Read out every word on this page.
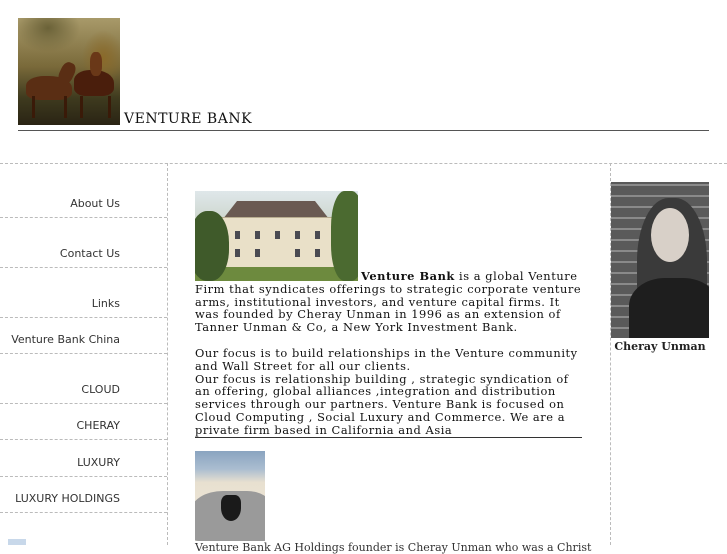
VENTURE BANK
About Us
Contact Us
Links
Venture Bank China
CLOUD
CHERAY
LUXURY
LUXURY HOLDINGS

Venture Bank is a global Venture Firm that syndicates offerings to strategic corporate venture arms, institutional investors, and venture capital firms. It was founded by Cheray Unman in 1996 as an extension of Tanner Unman & Co, a New York Investment Bank.

Our focus is to build relationships in the Venture community and Wall Street for all our clients.

Our focus is relationship building , strategic syndication of an offering, global alliances ,integration and distribution services through our partners. Venture Bank is focused on Cloud Computing , Social Luxury and Commerce. We are a private firm based in California and Asia

Venture Bank AG Holdings founder is Cheray Unman who was a Christ
Cheray Unman
